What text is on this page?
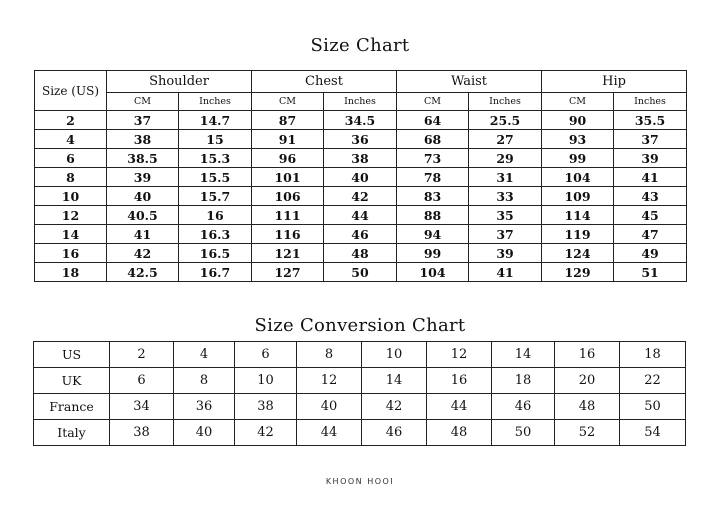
Size Chart
Size (US)	Shoulder		Chest		Waist		Hip	
	CM	Inches	CM	Inches	CM	Inches	CM	Inches
2	37	14.7	87	34.5	64	25.5	90	35.5
4	38	15	91	36	68	27	93	37
6	38.5	15.3	96	38	73	29	99	39
8	39	15.5	101	40	78	31	104	41
10	40	15.7	106	42	83	33	109	43
12	40.5	16	111	44	88	35	114	45
14	41	16.3	116	46	94	37	119	47
16	42	16.5	121	48	99	39	124	49
18	42.5	16.7	127	50	104	41	129	51
Size Conversion Chart
US	2	4	6	8	10	12	14	16	18
UK	6	8	10	12	14	16	18	20	22
France	34	36	38	40	42	44	46	48	50
Italy	38	40	42	44	46	48	50	52	54
KHOON HOOI
